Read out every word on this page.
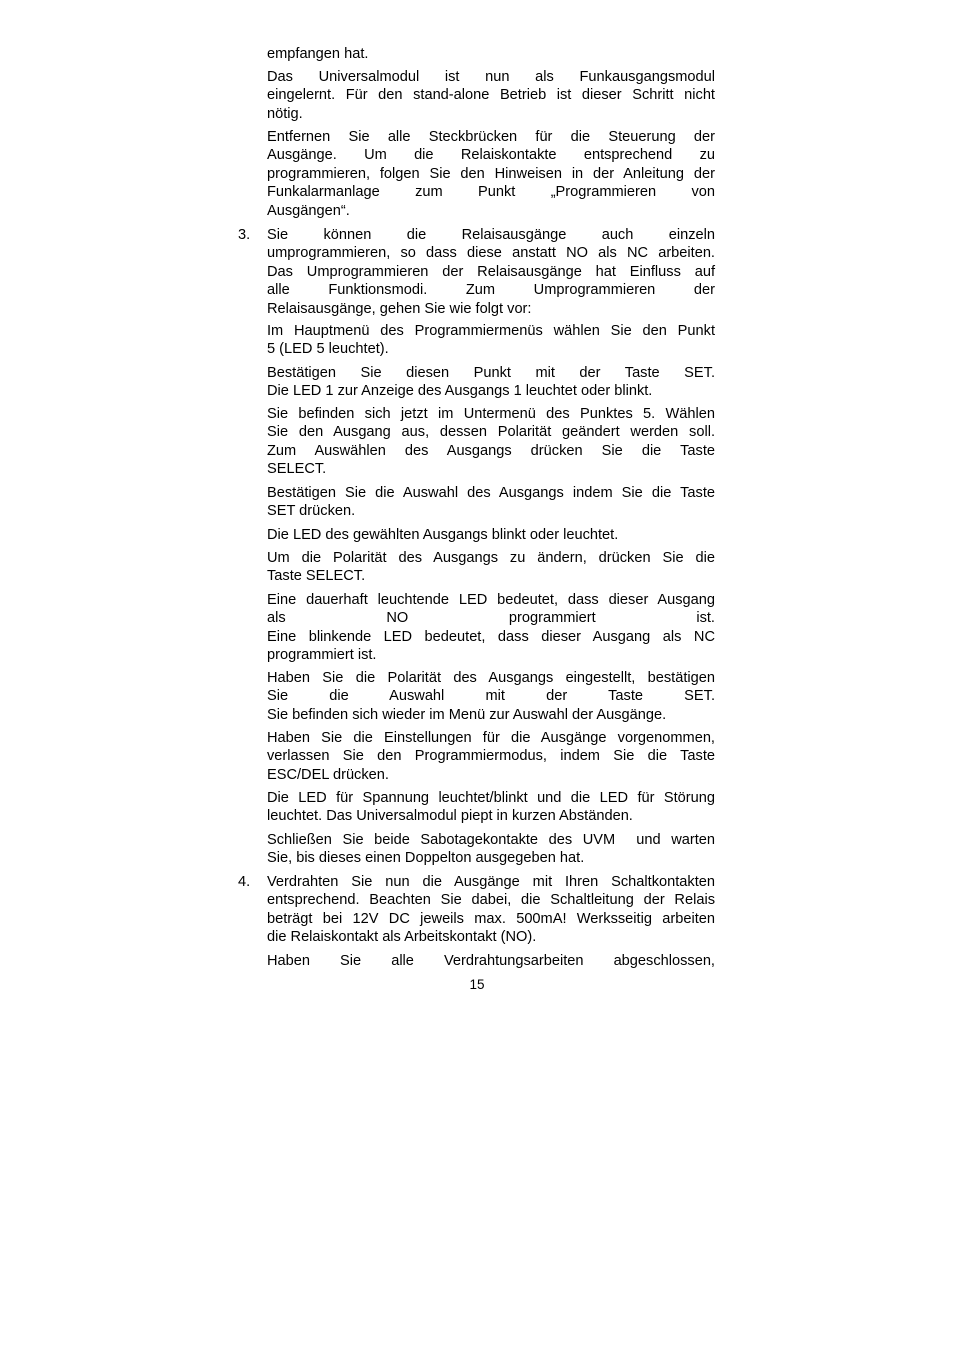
empfangen hat.

Das Universalmodul ist nun als Funkausgangsmodul
eingelernt. Für den stand-alone Betrieb ist dieser Schritt nicht
nötig.

Entfernen Sie alle Steckbrücken für die Steuerung der
Ausgänge. Um die Relaiskontakte entsprechend zu
programmieren, folgen Sie den Hinweisen in der Anleitung der
Funkalarmanlage zum Punkt „Programmieren von
Ausgängen“.

3. Sie können die Relaisausgänge auch einzeln
umprogrammieren, so dass diese anstatt NO als NC arbeiten.
Das Umprogrammieren der Relaisausgänge hat Einfluss auf
alle Funktionsmodi. Zum Umprogrammieren der
Relaisausgänge, gehen Sie wie folgt vor:

Im Hauptmenü des Programmiermenüs wählen Sie den Punkt
5 (LED 5 leuchtet).

Bestätigen Sie diesen Punkt mit der Taste SET.
Die LED 1 zur Anzeige des Ausgangs 1 leuchtet oder blinkt.

Sie befinden sich jetzt im Untermenü des Punktes 5. Wählen
Sie den Ausgang aus, dessen Polarität geändert werden soll.
Zum Auswählen des Ausgangs drücken Sie die Taste
SELECT.

Bestätigen Sie die Auswahl des Ausgangs indem Sie die Taste
SET drücken.

Die LED des gewählten Ausgangs blinkt oder leuchtet.

Um die Polarität des Ausgangs zu ändern, drücken Sie die
Taste SELECT.

Eine dauerhaft leuchtende LED bedeutet, dass dieser Ausgang
als NO programmiert ist.
Eine blinkende LED bedeutet, dass dieser Ausgang als NC
programmiert ist.

Haben Sie die Polarität des Ausgangs eingestellt, bestätigen
Sie die Auswahl mit der Taste SET.
Sie befinden sich wieder im Menü zur Auswahl der Ausgänge.

Haben Sie die Einstellungen für die Ausgänge vorgenommen,
verlassen Sie den Programmiermodus, indem Sie die Taste
ESC/DEL drücken.

Die LED für Spannung leuchtet/blinkt und die LED für Störung
leuchtet. Das Universalmodul piept in kurzen Abständen.

Schließen Sie beide Sabotagekontakte des UVM  und warten
Sie, bis dieses einen Doppelton ausgegeben hat.

4. Verdrahten Sie nun die Ausgänge mit Ihren Schaltkontakten
entsprechend. Beachten Sie dabei, die Schaltleitung der Relais
beträgt bei 12V DC jeweils max. 500mA! Werksseitig arbeiten
die Relaiskontakt als Arbeitskontakt (NO).

Haben Sie alle Verdrahtungsarbeiten abgeschlossen,

15
